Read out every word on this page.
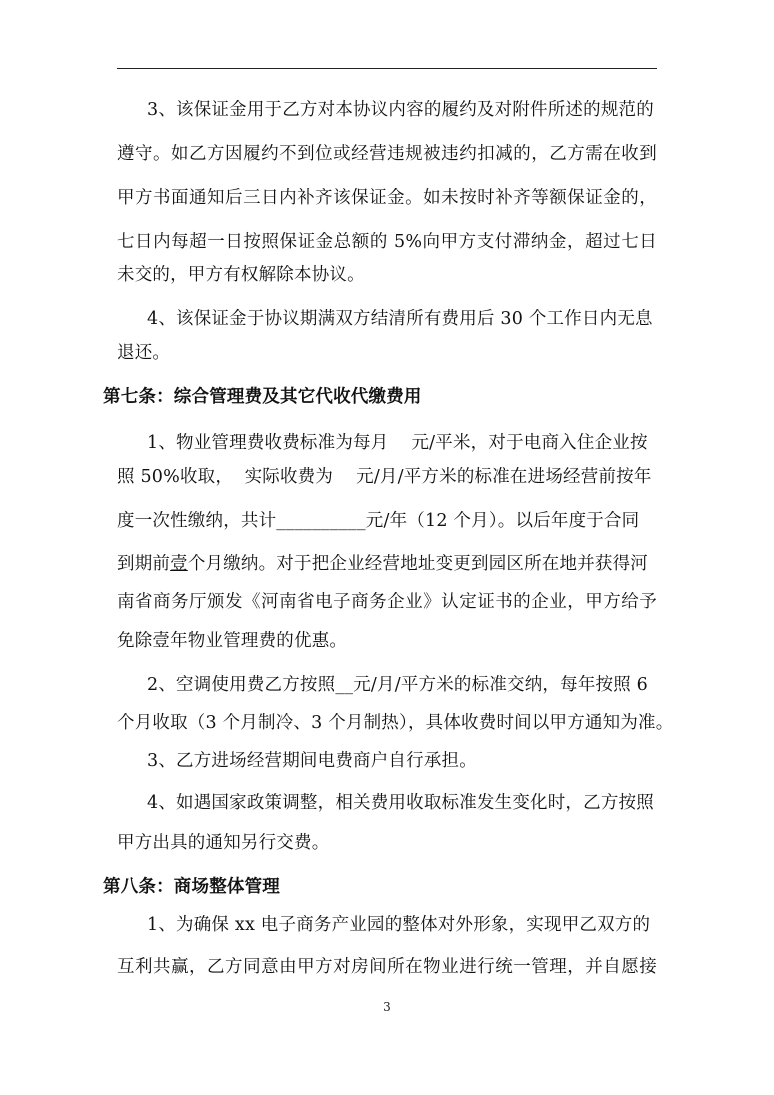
3、该保证金用于乙方对本协议内容的履约及对附件所述的规范的
遵守。如乙方因履约不到位或经营违规被违约扣减的，乙方需在收到
甲方书面通知后三日内补齐该保证金。如未按时补齐等额保证金的，
七日内每超一日按照保证金总额的 5%向甲方支付滞纳金，超过七日
未交的，甲方有权解除本协议。
4、该保证金于协议期满双方结清所有费用后 30 个工作日内无息
退还。
第七条：综合管理费及其它代收代缴费用
1、物业管理费收费标准为每月    元/平米，对于电商入住企业按
照 50%收取，  实际收费为    元/月/平方米的标准在进场经营前按年
度一次性缴纳，共计__________元/年（12 个月）。以后年度于合同
到期前壹个月缴纳。对于把企业经营地址变更到园区所在地并获得河
南省商务厅颁发《河南省电子商务企业》认定证书的企业，甲方给予
免除壹年物业管理费的优惠。
2、空调使用费乙方按照__元/月/平方米的标准交纳，每年按照 6
个月收取（3 个月制冷、3 个月制热），具体收费时间以甲方通知为准。
3、乙方进场经营期间电费商户自行承担。
4、如遇国家政策调整，相关费用收取标准发生变化时，乙方按照
甲方出具的通知另行交费。
第八条：商场整体管理
1、为确保 xx 电子商务产业园的整体对外形象，实现甲乙双方的
互利共赢，乙方同意由甲方对房间所在物业进行统一管理，并自愿接
3
